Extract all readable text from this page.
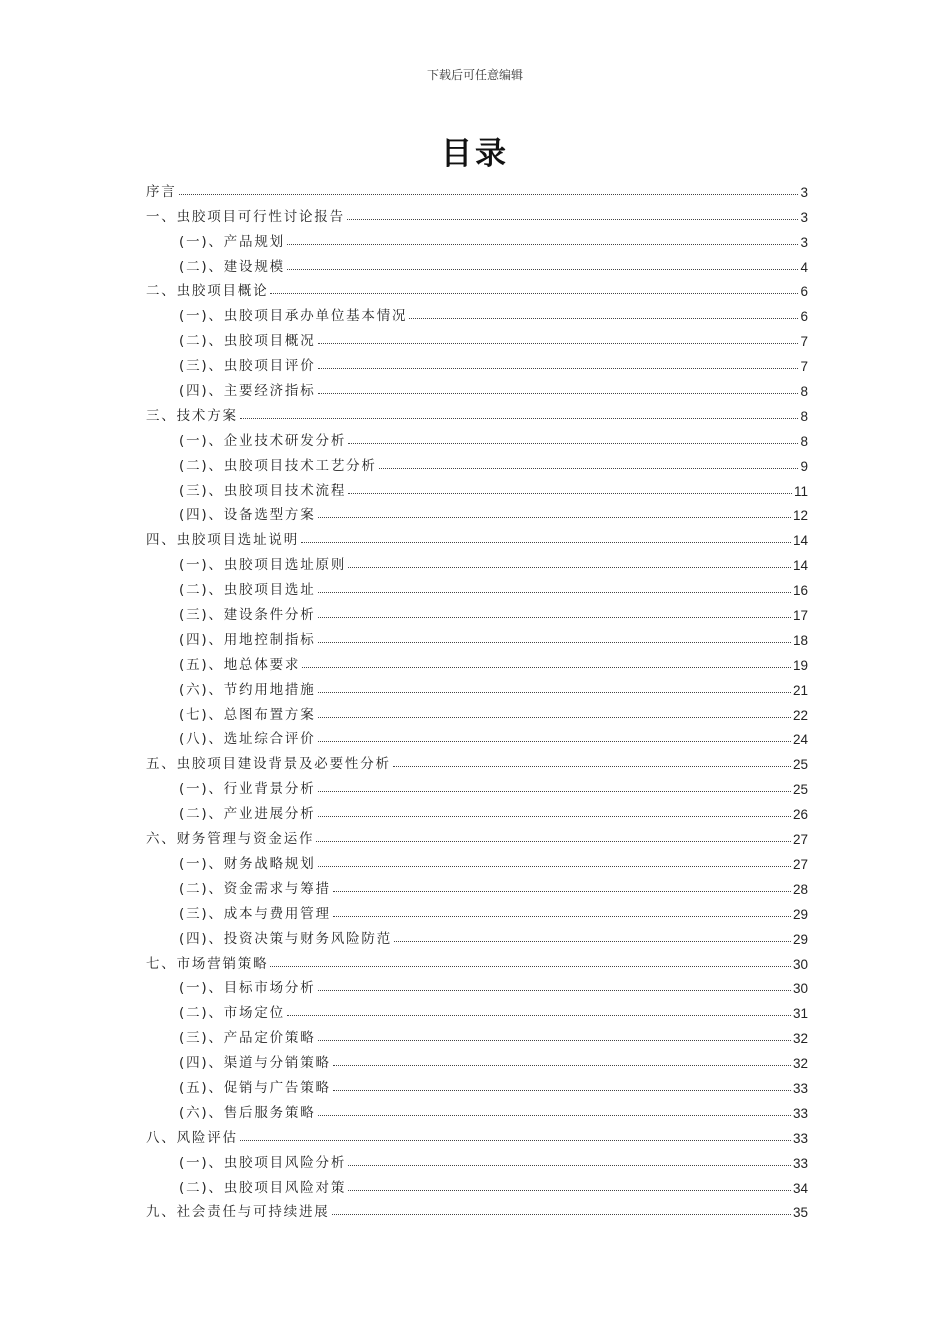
下载后可任意编辑
目录
序言	3
一、虫胶项目可行性讨论报告	3
(一)、产品规划	3
(二)、建设规模	4
二、虫胶项目概论	6
(一)、虫胶项目承办单位基本情况	6
(二)、虫胶项目概况	7
(三)、虫胶项目评价	7
(四)、主要经济指标	8
三、技术方案	8
(一)、企业技术研发分析	8
(二)、虫胶项目技术工艺分析	9
(三)、虫胶项目技术流程	11
(四)、设备选型方案	12
四、虫胶项目选址说明	14
(一)、虫胶项目选址原则	14
(二)、虫胶项目选址	16
(三)、建设条件分析	17
(四)、用地控制指标	18
(五)、地总体要求	19
(六)、节约用地措施	21
(七)、总图布置方案	22
(八)、选址综合评价	24
五、虫胶项目建设背景及必要性分析	25
(一)、行业背景分析	25
(二)、产业进展分析	26
六、财务管理与资金运作	27
(一)、财务战略规划	27
(二)、资金需求与筹措	28
(三)、成本与费用管理	29
(四)、投资决策与财务风险防范	29
七、市场营销策略	30
(一)、目标市场分析	30
(二)、市场定位	31
(三)、产品定价策略	32
(四)、渠道与分销策略	32
(五)、促销与广告策略	33
(六)、售后服务策略	33
八、风险评估	33
(一)、虫胶项目风险分析	33
(二)、虫胶项目风险对策	34
九、社会责任与可持续进展	35
